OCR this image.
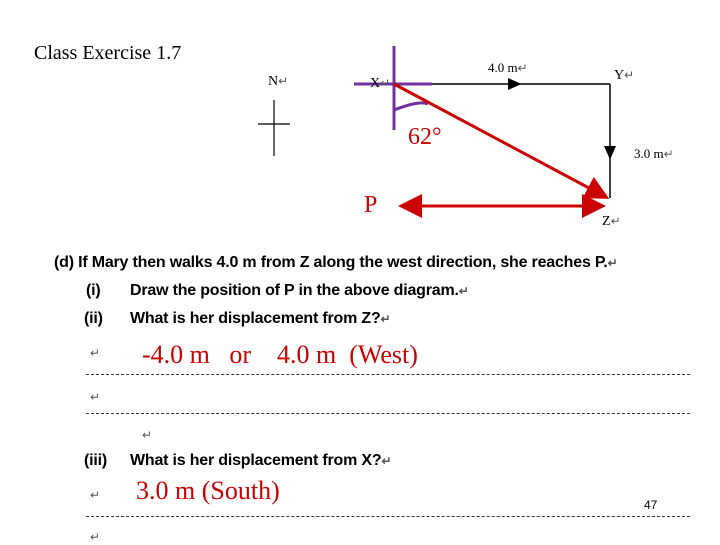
Class Exercise 1.7
N↵	X↵
4.0 m↵	Y↵
3.0 m↵
Z↵
62°
P
(d) If Mary then walks 4.0 m from Z along the west direction, she reaches P.↵
(i) Draw the position of P in the above diagram.↵
(ii) What is her displacement from Z?↵
↵ -4.0 m   or    4.0 m  (West)
↵
↵
(iii) What is her displacement from X?↵
↵ 3.0 m (South)	47
↵
